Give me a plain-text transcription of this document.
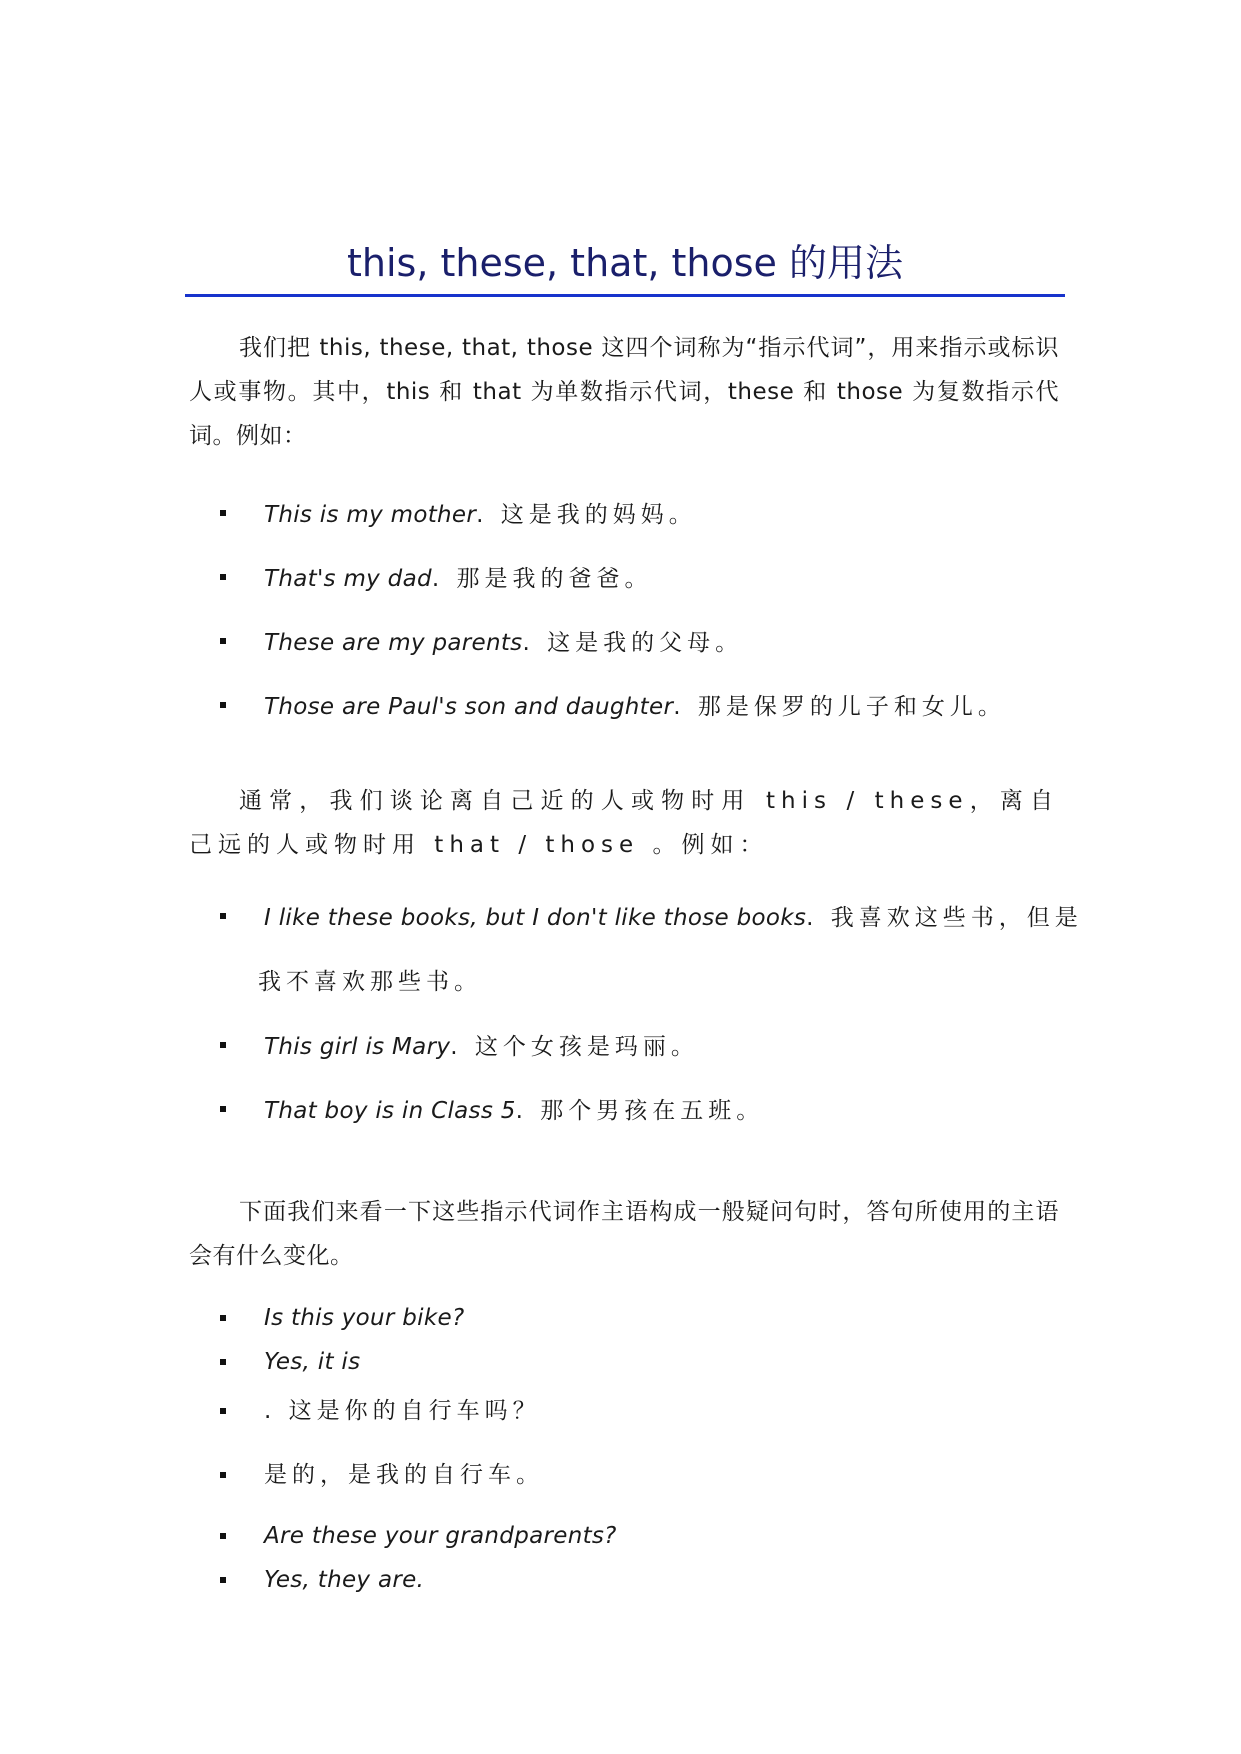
this, these, that, those 的用法
我们把 this, these, that, those 这四个词称为“指示代词”，用来指示或标识人或事物。其中，this 和 that 为单数指示代词，these 和 those 为复数指示代词。例如：
This is my mother. 这是我的妈妈。
That's my dad. 那是我的爸爸。
These are my parents. 这是我的父母。
Those are Paul's son and daughter. 那是保罗的儿子和女儿。
通常，我们谈论离自己近的人或物时用 this / these，离自己远的人或物时用 that / those 。例如：
I like these books, but I don't like those books. 我喜欢这些书，但是
我不喜欢那些书。
This girl is Mary. 这个女孩是玛丽。
That boy is in Class 5. 那个男孩在五班。
下面我们来看一下这些指示代词作主语构成一般疑问句时，答句所使用的主语会有什么变化。
Is this your bike?
Yes, it is
. 这是你的自行车吗？
是的，是我的自行车。
Are these your grandparents?
Yes, they are.
